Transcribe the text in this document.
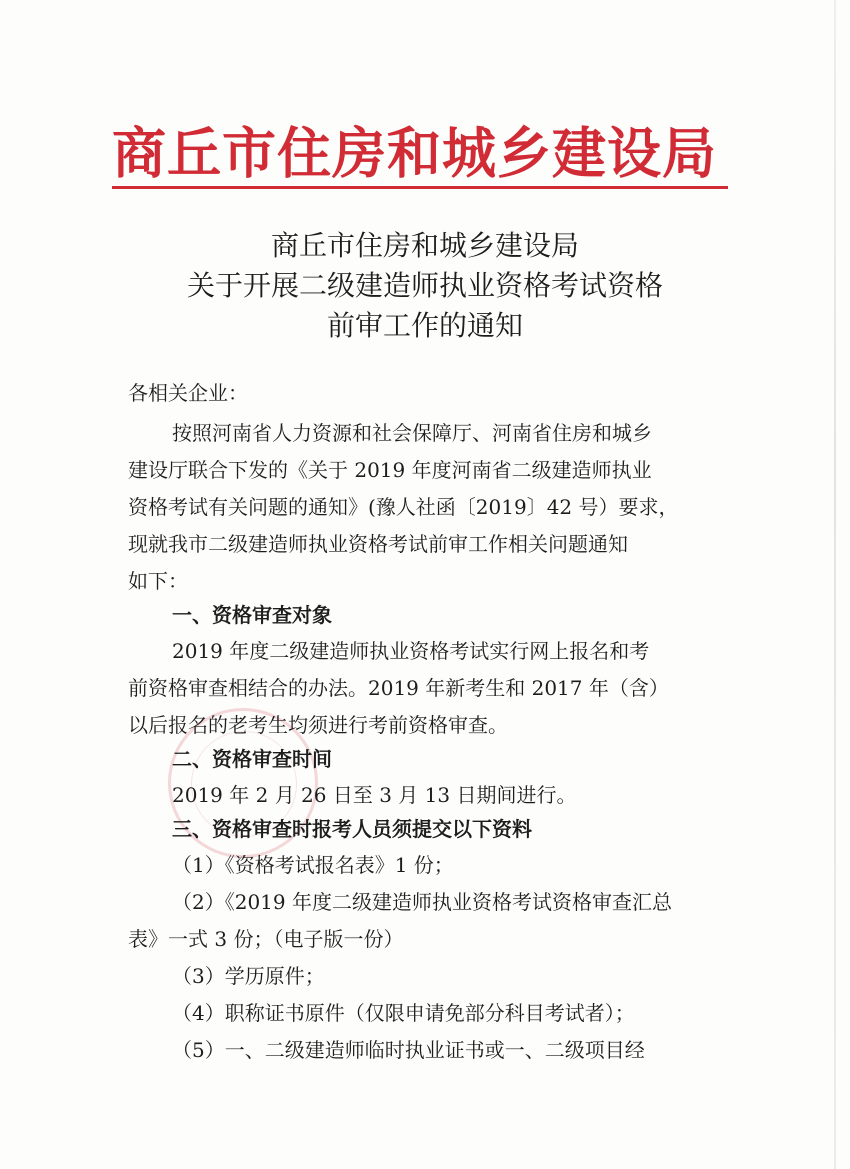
商丘市住房和城乡建设局
商丘市住房和城乡建设局
关于开展二级建造师执业资格考试资格
前审工作的通知
各相关企业：
按照河南省人力资源和社会保障厅、河南省住房和城乡
建设厅联合下发的《关于 2019 年度河南省二级建造师执业
资格考试有关问题的通知》(豫人社函〔2019〕42 号）要求，
现就我市二级建造师执业资格考试前审工作相关问题通知
如下：
一、资格审查对象
2019 年度二级建造师执业资格考试实行网上报名和考
前资格审查相结合的办法。2019 年新考生和 2017 年（含）
以后报名的老考生均须进行考前资格审查。
二、资格审查时间
2019 年 2 月 26 日至 3 月 13 日期间进行。
三、资格审查时报考人员须提交以下资料
（1）《资格考试报名表》1 份；
（2）《2019 年度二级建造师执业资格考试资格审查汇总
表》一式 3 份；（电子版一份）
（3）学历原件；
（4）职称证书原件（仅限申请免部分科目考试者）；
（5）一、二级建造师临时执业证书或一、二级项目经
